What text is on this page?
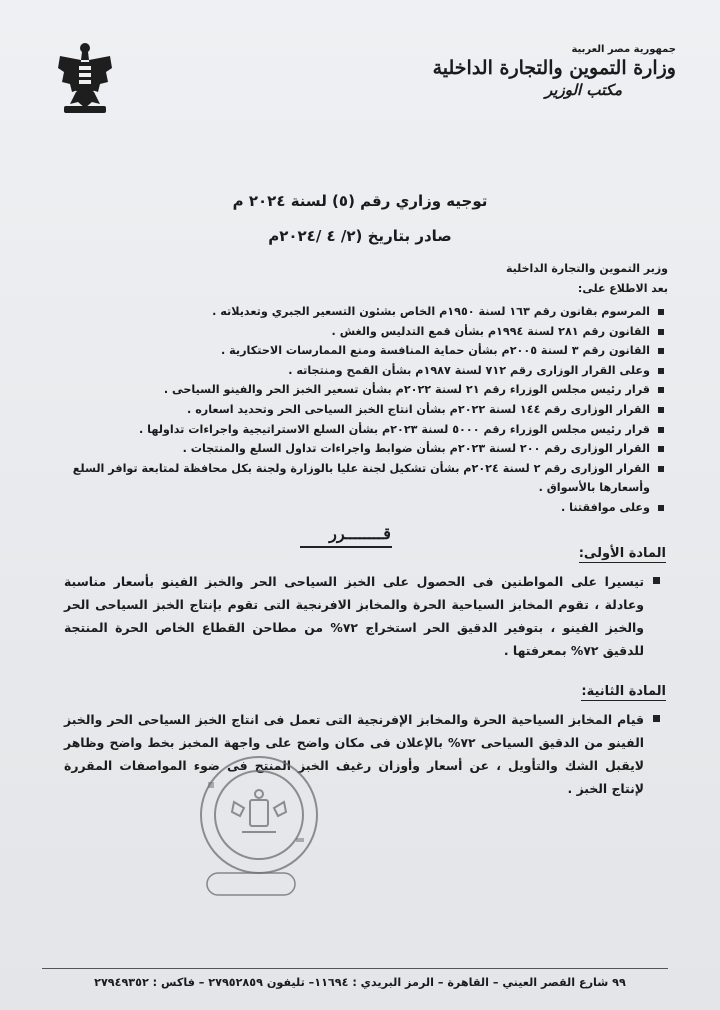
جمهورية مصر العربية
وزارة التموين والتجارة الداخلية
مكتب الوزير
توجيه وزاري رقم (٥) لسنة ٢٠٢٤ م
صادر بتاريخ (٢/ ٤ /٢٠٢٤م
وزير التموين والتجارة الداخلية
بعد الاطلاع على:
المرسوم بقانون رقم ١٦٣ لسنة ١٩٥٠م الخاص بشئون التسعير الجبري وتعديلاته .
القانون رقم ٢٨١ لسنة ١٩٩٤م بشأن قمع التدليس والغش .
القانون رقم ٣ لسنة ٢٠٠٥م بشأن حماية المنافسة ومنع الممارسات الاحتكارية .
وعلى القرار الوزارى رقم ٧١٢ لسنة ١٩٨٧م بشأن القمح ومنتجاته .
قرار رئيس مجلس الوزراء رقم ٢١ لسنة ٢٠٢٢م بشأن تسعير الخبز الحر والفينو السياحى .
القرار الوزارى رقم ١٤٤ لسنة ٢٠٢٢م بشأن انتاج الخبز السياحى الحر وتحديد اسعاره .
قرار رئيس مجلس الوزراء رقم ٥٠٠٠ لسنة ٢٠٢٣م بشأن السلع الاستراتيجية واجراءات تداولها .
القرار الوزارى رقم ٢٠٠ لسنة ٢٠٢٣م بشأن ضوابط واجراءات تداول السلع والمنتجات .
القرار الوزارى رقم ٢ لسنة ٢٠٢٤م بشأن تشكيل لجنة عليا بالوزارة ولجنة بكل محافظة لمتابعة توافر السلع وأسعارها بالأسواق .
وعلى موافقتنا .
قــــــــرر
المادة الأولى:
تيسيرا على المواطنين فى الحصول على الخبز السياحى الحر والخبز الفينو بأسعار مناسبة وعادلة ، تقوم المخابز السياحية الحرة والمخابز الافرنجية التى تقوم بإنتاج الخبز السياحى الحر والخبز الفينو ، بتوفير الدقيق الحر استخراج ٧٢% من مطاحن القطاع الخاص الحرة المنتجة للدقيق ٧٢% بمعرفتها .
المادة الثانية:
قيام المخابز السياحية الحرة والمخابز الإفرنجية التى تعمل فى انتاج الخبز السياحى الحر والخبز الفينو من الدقيق السياحى ٧٢% بالإعلان فى مكان واضح على واجهة المخبز بخط واضح وظاهر لايقبل الشك والتأويل ، عن أسعار وأوزان رغيف الخبز المنتج فى ضوء المواصفات المقررة لإنتاج الخبز .
٩٩ شارع القصر العيني – القاهرة – الرمز البريدي : ١١٦٩٤– تليفون ٢٧٩٥٢٨٥٩ – فاكس : ٢٧٩٤٩٣٥٢
